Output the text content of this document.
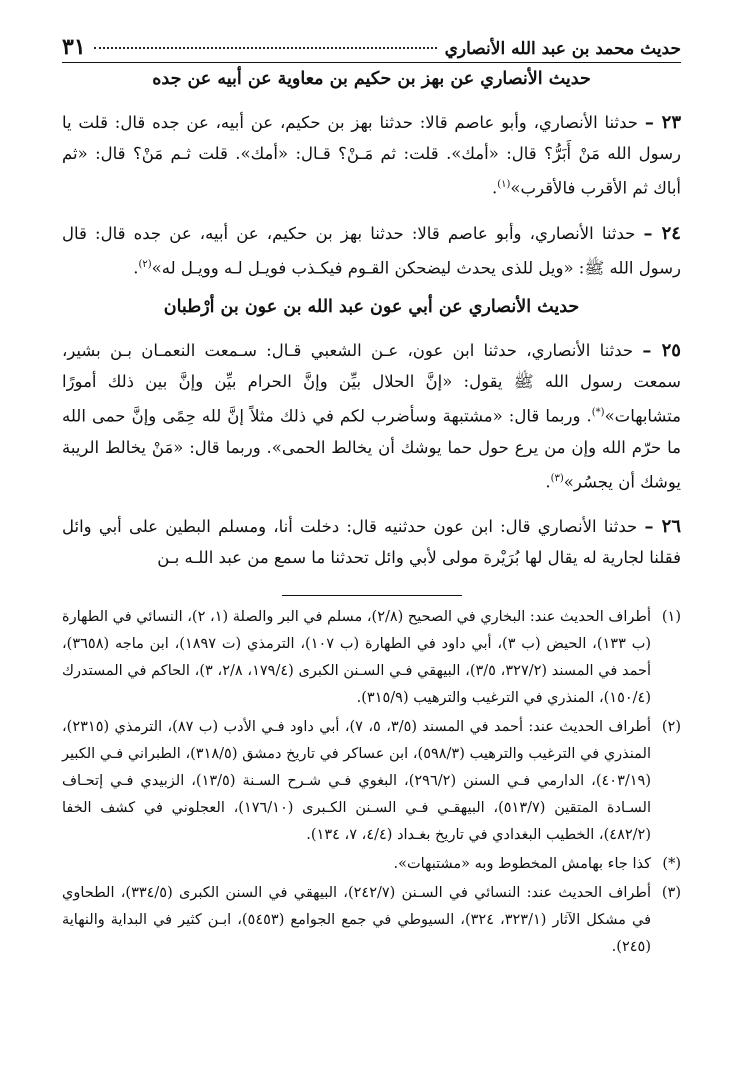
حديث محمد بن عبد الله الأنصاري
٣١
حديث الأنصاري عن بهز بن حكيم بن معاوية عن أبيه عن جده

٢٣ – حدثنا الأنصاري، وأبو عاصم قالا: حدثنا بهز بن حكيم، عن أبيه، عن جده قال: قلت يا رسول الله مَنْ أَبَرُّ؟ قال: «أمك». قلت: ثم مَـنْ؟ قـال: «أمك». قلت ثـم مَنْ؟ قال: «ثم أباك ثم الأقرب فالأقرب»$^{(١)}$.

٢٤ – حدثنا الأنصاري، وأبو عاصم قالا: حدثنا بهز بن حكيم، عن أبيه، عن جده قال: قال رسول الله ﷺ: «ويل للذى يحدث ليضحكن القـوم فيكـذب فويـل لـه وويـل له»$^{(٢)}$.

حديث الأنصاري عن أبي عون عبد الله بن عون بن أرْطبان

٢٥ – حدثنا الأنصاري، حدثنا ابن عون، عـن الشعبي قـال: سـمعت النعمـان بـن بشير، سمعت رسول الله ﷺ يقول: «إنَّ الحلال بيِّن وإنَّ الحرام بيِّن وإنَّ بين ذلك أمورًا متشابهات»(*). وربما قال: «مشتبهة وسأضرب لكم في ذلك مثلاً إنَّ لله حِمًى وإنَّ حمى الله ما حرّم الله وإن من يرع حول حما يوشك أن يخالط الحمى». وربما قال: «مَنْ يخالط الريبة يوشك أن يجسُر»$^{(٣)}$.

٢٦ – حدثنا الأنصاري قال: ابن عون حدثنيه قال: دخلت أنا، ومسلم البطين على أبي وائل فقلنا لجارية له يقال لها بُرَيْرة مولى لأبي وائل تحدثنا ما سمع من عبد اللـه بـن

(١)أطراف الحديث عند: البخاري في الصحيح (٢/٨)، مسلم في البر والصلة (١، ٢)، النسائي في الطهارة (ب ١٣٣)، الحيض (ب ٣)، أبي داود في الطهارة (ب ١٠٧)، الترمذي (ت ١٨٩٧)، ابن ماجه (٣٦٥٨)، أحمد في المسند (٣٢٧/٢، ٣/٥)، البيهقي فـي السـنن الكبرى (١٧٩/٤، ٢/٨، ٣)، الحاكم في المستدرك (١٥٠/٤)، المنذري في الترغيب والترهيب (٣١٥/٩).

(٢)أطراف الحديث عند: أحمد في المسند (٣/٥، ٥، ٧)، أبي داود فـي الأدب (ب ٨٧)، الترمذي (٢٣١٥)، المنذري في الترغيب والترهيب (٥٩٨/٣)، ابن عساكر في تاريخ دمشق (٣١٨/٥)، الطبراني فـي الكبير (٤٠٣/١٩)، الدارمي فـي السنن (٢٩٦/٢)، البغوي فـي شـرح السـنة (١٣/٥)، الزبيدي فـي إتحـاف السـادة المتقين (٥١٣/٧)، البيهقـي فـي السـنن الكـبرى (١٧٦/١٠)، العجلوني في كشف الخفا (٤٨٢/٢)، الخطيب البغدادي في تاريخ بغـداد (٤/٤، ٧، ١٣٤).

(*)كذا جاء بهامش المخطوط وبه «مشتبهات».

(٣)أطراف الحديث عند: النسائي في السـنن (٢٤٢/٧)، البيهقي في السنن الكبرى (٣٣٤/٥)، الطحاوي في مشكل الآثار (٣٢٣/١، ٣٢٤)، السيوطي في جمع الجوامع (٥٤٥٣)، ابـن كثير في البداية والنهاية (٢٤٥).
